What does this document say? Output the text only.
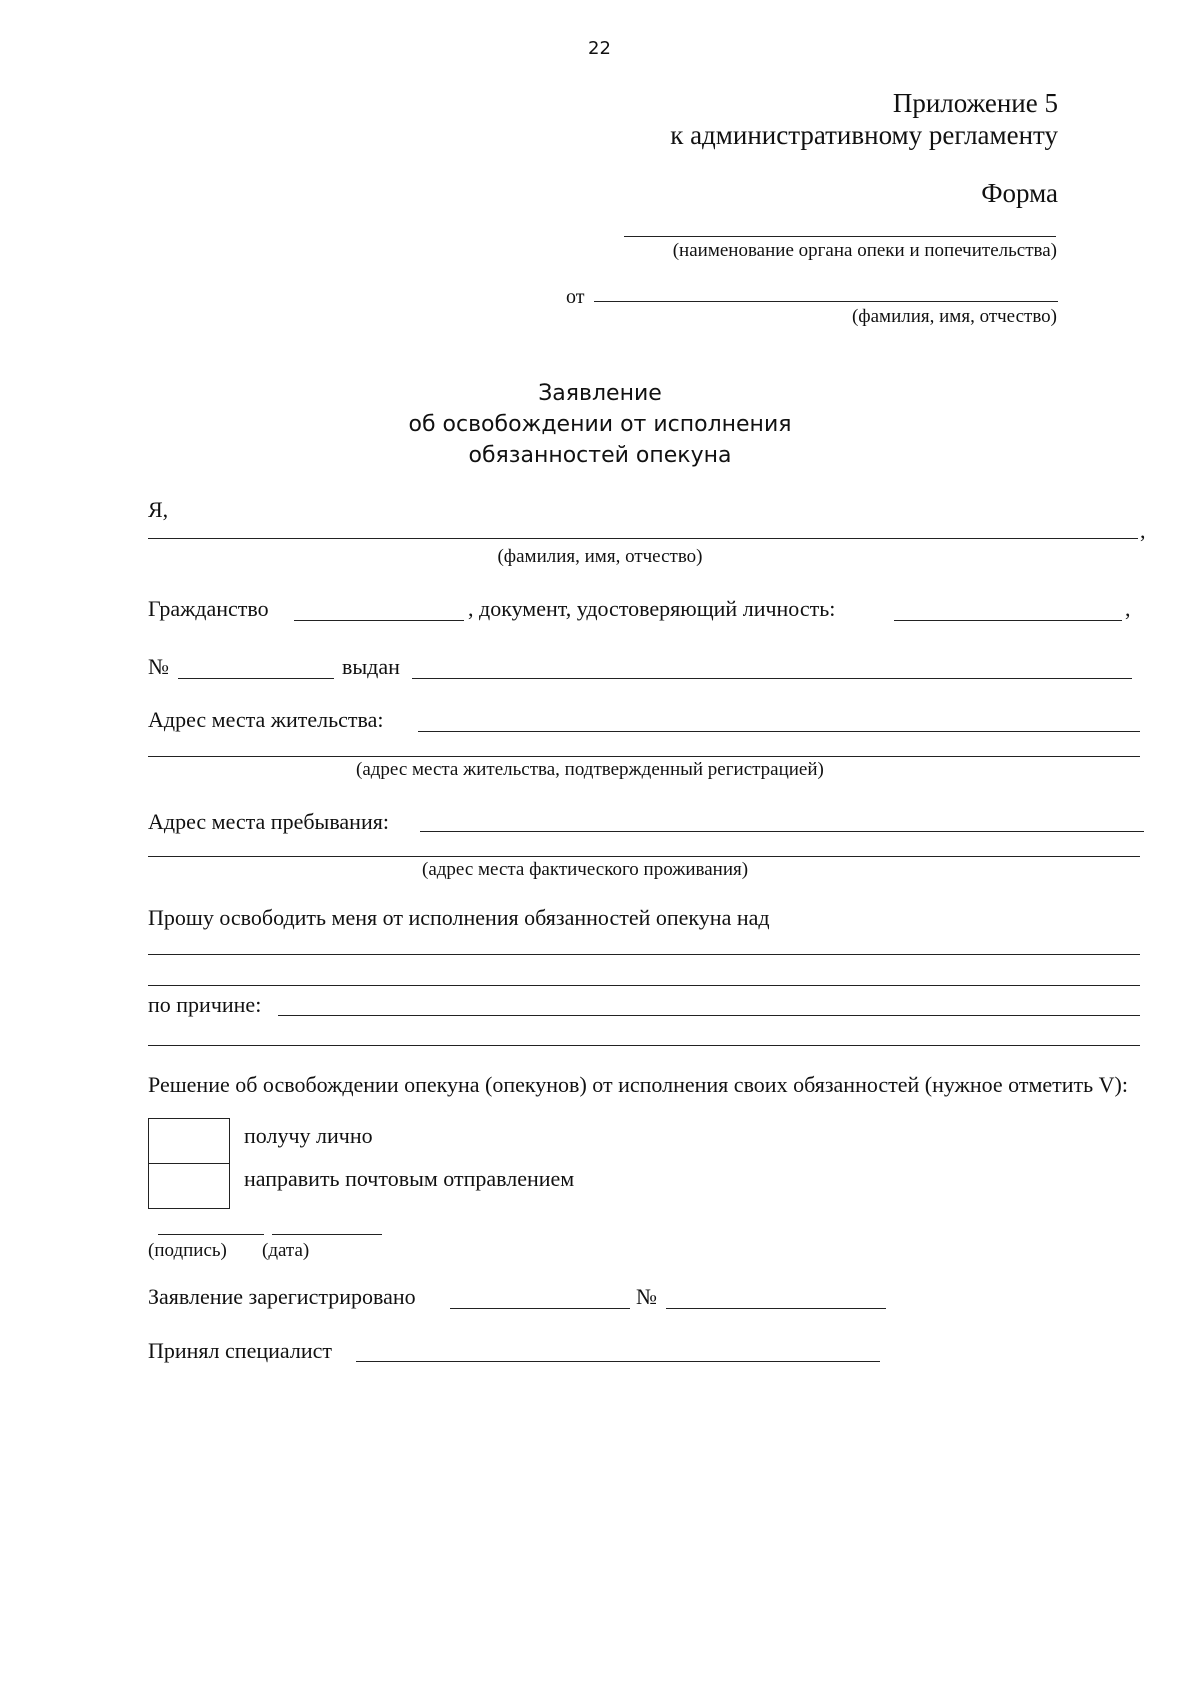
22
Приложение 5
к административному регламенту
Форма
(наименование органа опеки и попечительства)
от
(фамилия, имя, отчество)
Заявление
об освобождении от исполнения
обязанностей опекуна
Я,
,
(фамилия, имя, отчество)
Гражданство	, документ, удостоверяющий личность:	,
№	выдан
Адрес места жительства:
(адрес места жительства, подтвержденный регистрацией)
Адрес места пребывания:
(адрес места фактического проживания)
Прошу освободить меня от исполнения обязанностей опекуна над
по причине:
Решение об освобождении опекуна (опекунов) от исполнения своих обязанностей (нужное отметить V):
получу лично
направить почтовым отправлением
(подпись) (дата)
Заявление зарегистрировано	№
Принял специалист
